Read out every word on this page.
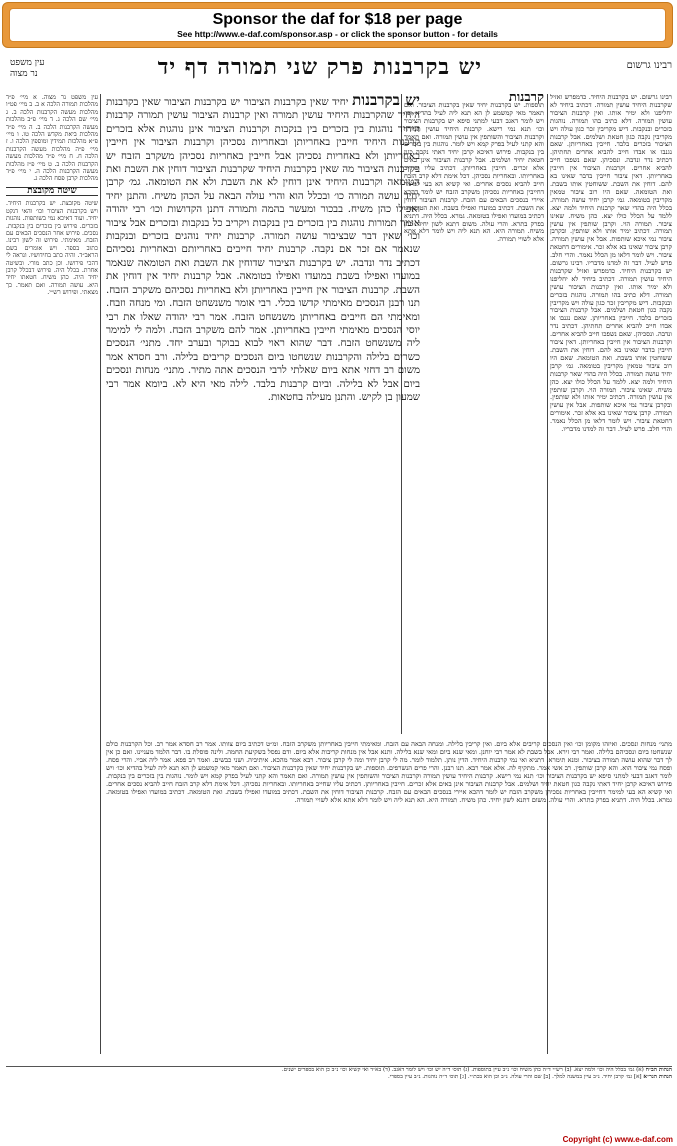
Sponsor the daf for $18 per page
See http://www.e-daf.com/sponsor.asp - or click the sponsor button - for details
רבינו גרשום
יש בקרבנות פרק שני תמורה דף יד
עין משפט
נר מצוה
רבינו גרשום. יש בקרבנות היחיד. כדמפרש ואזיל שקרבנות היחיד עושין תמורה. דכתיב ביחיד לא יחליפנו ולא ימיר אותו. ואין קרבנות הציבור עושין תמורה. דלא כתיב בהו תמורה. נוהגות בזכרים ובנקבות. דיש מקריבין זכר כגון עולה ויש מקריבין נקבה כגון חטאת ושלמים. אבל קרבנות הציבור בזכרים בלבד. חייבין באחריותן. שאם נגנבו או אבדו חייב להביא אחרים תחתיהן. דכתיב נדר ונדבה. ונסכיהן. שאם נשפכו חייב להביא אחרים. וקרבנות הציבור אין חייבין באחריותן. דאין ציבור חייבין בדבר שאינו בא להם. דוחין את השבת. ששוחטין אותו בשבת. ואת הטומאה. שאם היו רוב ציבור טמאין מקריבין בטומאה. גמ׳ קרבן יחיד עושה תמורה. בכלל היה בהדי שאר קרבנות היחיד ולמה יצא. ללמד על הכלל כולו יצא. כהן משיח. שאינו ציבור. תמורה הוי. וקרבן שותפין אין עושין תמורה. דכתיב ימיר אותו ולא שותפין. ובקרבן ציבור נמי איכא שותפות. אבל אין עושין תמורה. קרבן ציבור שאינו בא אלא זכר. אימורים דחטאת ציבור. ויש לומר דלאו מן הכלל נאמר. והרי חלב. פרש לעיל. דבר זה למדנו מדבריו. רבינו גרשום. יש בקרבנות היחיד. כדמפרש ואזיל שקרבנות היחיד עושין תמורה. דכתיב ביחיד לא יחליפנו ולא ימיר אותו. ואין קרבנות הציבור עושין תמורה. דלא כתיב בהו תמורה. נוהגות בזכרים ובנקבות. דיש מקריבין זכר כגון עולה ויש מקריבין נקבה כגון חטאת ושלמים. אבל קרבנות הציבור בזכרים בלבד. חייבין באחריותן. שאם נגנבו או אבדו חייב להביא אחרים תחתיהן. דכתיב נדר ונדבה. ונסכיהן. שאם נשפכו חייב להביא אחרים. וקרבנות הציבור אין חייבין באחריותן. דאין ציבור חייבין בדבר שאינו בא להם. דוחין את השבת. ששוחטין אותו בשבת. ואת הטומאה. שאם היו רוב ציבור טמאין מקריבין בטומאה. גמ׳ קרבן יחיד עושה תמורה. בכלל היה בהדי שאר קרבנות היחיד ולמה יצא. ללמד על הכלל כולו יצא. כהן משיח. שאינו ציבור. תמורה הוי. וקרבן שותפין אין עושין תמורה. דכתיב ימיר אותו ולא שותפין. ובקרבן ציבור נמי איכא שותפות. אבל אין עושין תמורה. קרבן ציבור שאינו בא אלא זכר. אימורים דחטאת ציבור. ויש לומר דלאו מן הכלל נאמר. והרי חלב. פרש לעיל. דבר זה למדנו מדבריו.
קרבנות
תוספות. יש בקרבנות יחיד שאין בקרבנות הציבור. ואם תאמר מאי קמשמע לן הא תנא ליה לעיל בהדיא וכו׳ ויש לומר דאגב דבעי למתני סיפא יש בקרבנות הציבור וכו׳ תנא נמי רישא. קרבנות היחיד עושין תמורה וקרבנות הציבור והשותפין אין עושין תמורה. ואם תאמר והא קתני לעיל בפרק קמא ויש לומר. נוהגות בין בזכרים בין בנקבות. פירוש דאיכא קרבן יחיד דאתי נקבה כגון חטאת יחיד ושלמים. אבל קרבנות הציבור אינן באים אלא זכרים. חייבין באחריותן. דכתיב עליו שחייב באחריותו. ובאחריות נסכיהן. דכל אימת דלא קרב הזבח חייב להביא נסכים אחרים. ואי קשיא הא בעי למימר דחייבין באחריות נסכיהן משקרב הזבח יש לומר דהכא איירי בנסכים הבאים עם הזבח. קרבנות הציבור דוחין את השבת. דכתיב במועדו ואפילו בשבת. ואת הטומאה. דכתיב במועדו ואפילו בטומאה. גמרא. בכלל היה. דתניא בפרק בתרא. והרי עולה. משום דתנא לשון יחיד. כהן משיח. תמורה היא. הא תנא ליה ויש לומר דלא אתא אלא לשויי תמורה.
יש בקרבנות יחיד שאין בקרבנות הציבור יש בקרבנות הציבור שאין בקרבנות היחיד שהקרבנות היחיד עושין תמורה ואין קרבנות הציבור עושין תמורה קרבנות היחיד נוהגות בין בזכרים בין בנקבות וקרבנות הציבור אינן נוהגות אלא בזכרים קרבנות היחיד חייבין באחריותן ובאחריות נסכיהן וקרבנות הציבור אין חייבין באחריותן ולא באחריות נסכיהן אבל חייבין באחריות נסכיהן משקרב הזבח יש בקרבנות הציבור מה שאין בקרבנות היחיד שקרבנות הציבור דוחין את השבת ואת הטומאה וקרבנות היחיד אינן דוחין לא את השבת ולא את הטומאה. גמ׳ קרבן יחיד עושה תמורה כו׳ ובכלל הוא והרי עולה הבאה על הכהן משיח. והתנן יחיד ואפילו כהן משיח. בבכור ומעשר בהמה ותמורה דתנן הקדושות וכו׳ רבי יהודה אומר תמורות נוהגות בין בזכרים בין בנקבות ויקריב כל בנקבות ובזכרים אבל ציבור וכו׳ שאין דבר שבציבור עושה תמורה. קרבנות יחיד נוהגים בזכרים ובנקבות שנאמר אם זכר אם נקבה. קרבנות יחיד חייבים באחריותם ובאחריות נסכיהם דכתיב נדר ונדבה. יש בקרבנות הציבור שדוחין את השבת ואת הטומאה שנאמר במועדו ואפילו בשבת במועדו ואפילו בטומאה. אבל קרבנות יחיד אין דוחין את השבת. קרבנות הציבור אין חייבין באחריותן ולא באחריות נסכיהם משקרב הזבח. תנו רבנן הנסכים מאימתי קדשו בכלי. רבי אומר משנשחט הזבח. ומי מנחה וזבח. ומאימתי הם חייבים באחריותן משנשחט הזבח. אמר רבי יהודה שאלו את רבי יוסי הנסכים מאימתי חייבין באחריותן. אמר להם משקרב הזבח. ולמה לי למימר ליה משנשחט הזבח. דבר שהוא ראוי לבוא בבוקר ובערב יחד. מתני׳ הנסכים כשרים בלילה והקרבנות שנשחטו ביום הנסכים קריבים בלילה. ורב חסדא אמר משום רב דחזי אתא ביום שאלתי לרבי הנסכים אתה מתיר. מתני׳ מנחות ונסכים ביום אבל לא בלילה. וביום קרבנות בלבד. לילה מאי היא לא. ביומא אמר רבי שמעון בן לקיש. והתנן מעילה בחטאות.
עין משפט נר מצוה. א מיי׳ פ״ד מהלכות תמורה הלכה א ב. ב מיי׳ פט״ו מהלכות מעשה הקרבנות הלכה ב. ג מיי׳ שם הלכה ג. ד מיי׳ פ״ב מהלכות מעשה הקרבנות הלכה ב. ה מיי׳ פ״ד מהלכות ביאת מקדש הלכה טו. ו מיי׳ פ״א מהלכות תמידין ומוספין הלכה ו. ז מיי׳ פ״ה מהלכות מעשה הקרבנות הלכה ח. ח מיי׳ פ״ד מהלכות מעשה הקרבנות הלכה ב. ט מיי׳ פ״ז מהלכות מעשה הקרבנות הלכה ה. י מיי׳ פ״ד מהלכות קרבן פסח הלכה ג.
שיטה מקובצת
שיטה מקובצת. יש בקרבנות היחיד. ויש בקרבנות הציבור וכו׳ והאי דנקט יחיד. ועוד דאיכא נמי בשותפות. נוהגות בזכרים. פירוש בין בזכרים בין בנקבות. נסכים. פירוש אחר הנסכים הבאים עם הזבח. מאימתי. פירוש זה לשון רבינו. כתוב בספר. ויש אומרים בשם הראב״ד. והיה כתב בחידושיו. ונראה לי דהכי פירושו. וכן כתב מורי. ובשיטה אחרת. בכלל היה. פירוש דבכלל קרבן יחיד היה. כהן משיח. חטאתו יחיד היא. עושה תמורה. ואם תאמר. כך מצאתי. ופירוש רש״י.
מתני׳ מנחות ונסכים. ואיזהו מקומן וכו׳ ואין הנסכים קריבים אלא ביום. ואין קריבין בלילה. ומנחה הבאה עם הזבח. ומאימתי חייבין באחריותן משקרב הזבח. ומ״ט דכתיב ביום צוותו. אמר רב חסדא אמר רב. וכל הקרבנות כולם שנשחטו ביום ונסכיהם בלילה. ואמר רבי זירא. אבל בשבת לא אמר רבי יוחנן. ומאי שנא ביום ומאי שנא בלילה. ותנא אבל אין מנחות קריבות אלא ביום. ודם נפסל בשקיעת החמה. ולינה פוסלת בו. דבר הלמד מעניינו. ואם כן אין לך דבר שהוא עושה תמורה בציבור. ומנא תימרא. דתניא ואי נמי קרבנות היחיד. הדין נותן. תלמוד לומר. מה לי קרבן יחיד ומה לי קרבן ציבור. רבא אמר מהכא. איתיביה. ושני כבשים. ואמר רב פפא. אמר ליה אביי. והרי פסח. ופסח נמי ציבור הוא. והא קרבן שותפין. רב אשי אמר. מתקיף לה. אלא אמר רבא. תנו רבנן. והרי פרים הנשרפים. תוספות. יש בקרבנות יחיד שאין בקרבנות הציבור. ואם תאמר מאי קמשמע לן הא תנא ליה לעיל בהדיא וכו׳ ויש לומר דאגב דבעי למתני סיפא יש בקרבנות הציבור וכו׳ תנא נמי רישא. קרבנות היחיד עושין תמורה וקרבנות הציבור והשותפין אין עושין תמורה. ואם תאמר והא קתני לעיל בפרק קמא ויש לומר. נוהגות בין בזכרים בין בנקבות. פירוש דאיכא קרבן יחיד דאתי נקבה כגון חטאת יחיד ושלמים. אבל קרבנות הציבור אינן באים אלא זכרים. חייבין באחריותן. דכתיב עליו שחייב באחריותו. ובאחריות נסכיהן. דכל אימת דלא קרב הזבח חייב להביא נסכים אחרים. ואי קשיא הא בעי למימר דחייבין באחריות נסכיהן משקרב הזבח יש לומר דהכא איירי בנסכים הבאים עם הזבח. קרבנות הציבור דוחין את השבת. דכתיב במועדו ואפילו בשבת. ואת הטומאה. דכתיב במועדו ואפילו בטומאה. גמרא. בכלל היה. דתניא בפרק בתרא. והרי עולה. משום דתנא לשון יחיד. כהן משיח. תמורה היא. הא תנא ליה ויש לומר דלא אתא אלא לשויי תמורה.
הגהות הב״ח (א) גמ׳ בכלל היה וכו׳ ולמה יצא. (ב) רש״י ד״ה כהן משיח וכו׳ נ״ב עיין בתוספות. (ג) תוס׳ ד״ה יש וכו׳ ויש לומר דאגב. (ד) בא״ד ואי קשיא וכו׳ נ״ב כן הוא בספרים ישנים.
הגהות הגר״א [א] גמ׳ קרבן יחיד. נ״ב עיין במשנה למלך. [ב] שם והרי עולה. נ״ב וכן הוא בכת״י. [ג] תוס׳ ד״ה נוהגות. נ״ב עיין בספרי.
Copyright (c) www.e-daf.com
